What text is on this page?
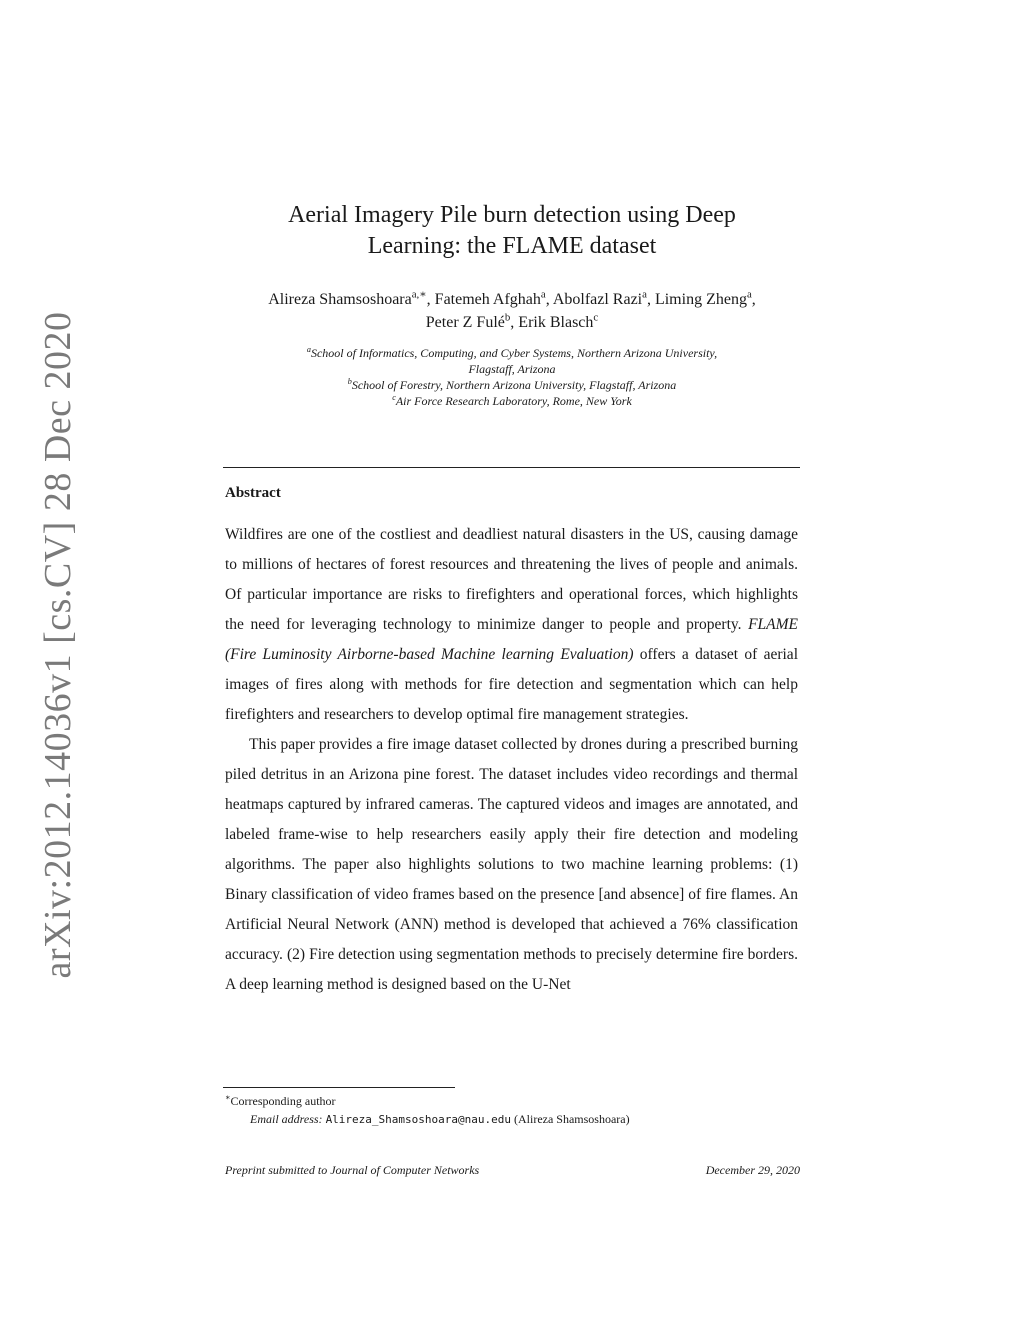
arXiv:2012.14036v1 [cs.CV] 28 Dec 2020
Aerial Imagery Pile burn detection using Deep
Learning: the FLAME dataset
Alireza Shamsoshoara$^{a,∗}$, Fatemeh Afghah$^a$, Abolfazl Razi$^a$, Liming Zheng$^a$,
Peter Z Fulé$^b$, Erik Blasch$^c$
$^a$School of Informatics, Computing, and Cyber Systems, Northern Arizona University,
Flagstaff, Arizona
$^b$School of Forestry, Northern Arizona University, Flagstaff, Arizona
$^c$Air Force Research Laboratory, Rome, New York
Abstract

Wildfires are one of the costliest and deadliest natural disasters in the US, causing damage to millions of hectares of forest resources and threatening the lives of people and animals. Of particular importance are risks to firefighters and operational forces, which highlights the need for leveraging technology to minimize danger to people and property. FLAME (Fire Luminosity Airborne-based Machine learning Evaluation) offers a dataset of aerial images of fires along with methods for fire detection and segmentation which can help firefighters and researchers to develop optimal fire management strategies.

This paper provides a fire image dataset collected by drones during a prescribed burning piled detritus in an Arizona pine forest. The dataset includes video recordings and thermal heatmaps captured by infrared cameras. The captured videos and images are annotated, and labeled frame-wise to help researchers easily apply their fire detection and modeling algorithms. The paper also highlights solutions to two machine learning problems: (1) Binary classification of video frames based on the presence [and absence] of fire flames. An Artificial Neural Network (ANN) method is developed that achieved a 76% classification accuracy. (2) Fire detection using segmentation methods to precisely determine fire borders. A deep learning method is designed based on the U-Net

∗Corresponding author
Email address: Alireza_Shamsoshoara@nau.edu (Alireza Shamsoshoara)
Preprint submitted to Journal of Computer Networks	December 29, 2020
